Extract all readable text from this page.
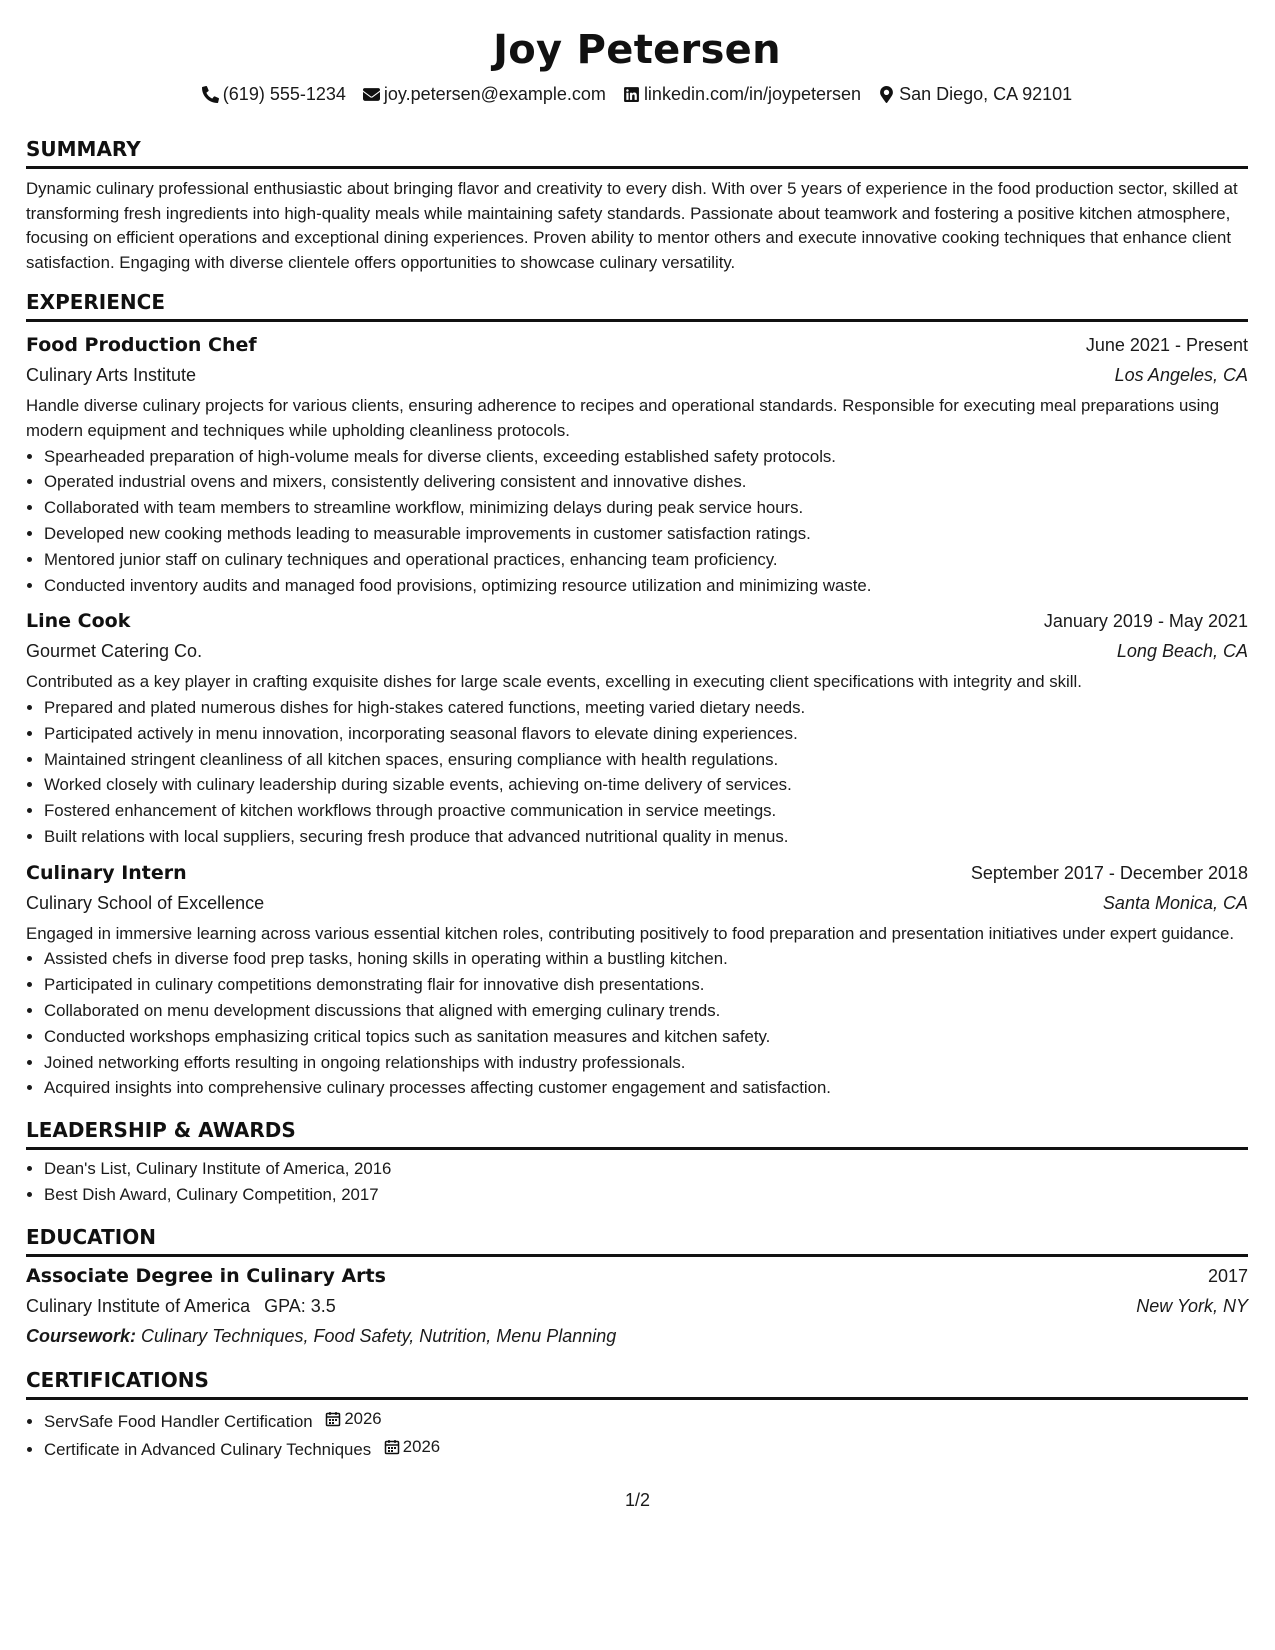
Joy Petersen
(619) 555-1234 joy.petersen@example.com linkedin.com/in/joypetersen San Diego, CA 92101
SUMMARY
Dynamic culinary professional enthusiastic about bringing flavor and creativity to every dish. With over 5 years of experience in the food production sector, skilled at transforming fresh ingredients into high-quality meals while maintaining safety standards. Passionate about teamwork and fostering a positive kitchen atmosphere, focusing on efficient operations and exceptional dining experiences. Proven ability to mentor others and execute innovative cooking techniques that enhance client satisfaction. Engaging with diverse clientele offers opportunities to showcase culinary versatility.
EXPERIENCE
Food Production Chef	June 2021 - Present
Culinary Arts Institute	Los Angeles, CA
Handle diverse culinary projects for various clients, ensuring adherence to recipes and operational standards. Responsible for executing meal preparations using modern equipment and techniques while upholding cleanliness protocols.
• Spearheaded preparation of high-volume meals for diverse clients, exceeding established safety protocols.
• Operated industrial ovens and mixers, consistently delivering consistent and innovative dishes.
• Collaborated with team members to streamline workflow, minimizing delays during peak service hours.
• Developed new cooking methods leading to measurable improvements in customer satisfaction ratings.
• Mentored junior staff on culinary techniques and operational practices, enhancing team proficiency.
• Conducted inventory audits and managed food provisions, optimizing resource utilization and minimizing waste.
Line Cook	January 2019 - May 2021
Gourmet Catering Co.	Long Beach, CA
Contributed as a key player in crafting exquisite dishes for large scale events, excelling in executing client specifications with integrity and skill.
• Prepared and plated numerous dishes for high-stakes catered functions, meeting varied dietary needs.
• Participated actively in menu innovation, incorporating seasonal flavors to elevate dining experiences.
• Maintained stringent cleanliness of all kitchen spaces, ensuring compliance with health regulations.
• Worked closely with culinary leadership during sizable events, achieving on-time delivery of services.
• Fostered enhancement of kitchen workflows through proactive communication in service meetings.
• Built relations with local suppliers, securing fresh produce that advanced nutritional quality in menus.
Culinary Intern	September 2017 - December 2018
Culinary School of Excellence	Santa Monica, CA
Engaged in immersive learning across various essential kitchen roles, contributing positively to food preparation and presentation initiatives under expert guidance.
• Assisted chefs in diverse food prep tasks, honing skills in operating within a bustling kitchen.
• Participated in culinary competitions demonstrating flair for innovative dish presentations.
• Collaborated on menu development discussions that aligned with emerging culinary trends.
• Conducted workshops emphasizing critical topics such as sanitation measures and kitchen safety.
• Joined networking efforts resulting in ongoing relationships with industry professionals.
• Acquired insights into comprehensive culinary processes affecting customer engagement and satisfaction.
LEADERSHIP & AWARDS
• Dean's List, Culinary Institute of America, 2016
• Best Dish Award, Culinary Competition, 2017
EDUCATION
Associate Degree in Culinary Arts	2017
Culinary Institute of America GPA: 3.5	New York, NY
Coursework: Culinary Techniques, Food Safety, Nutrition, Menu Planning
CERTIFICATIONS
• ServSafe Food Handler Certification 2026
• Certificate in Advanced Culinary Techniques 2026
1/2
